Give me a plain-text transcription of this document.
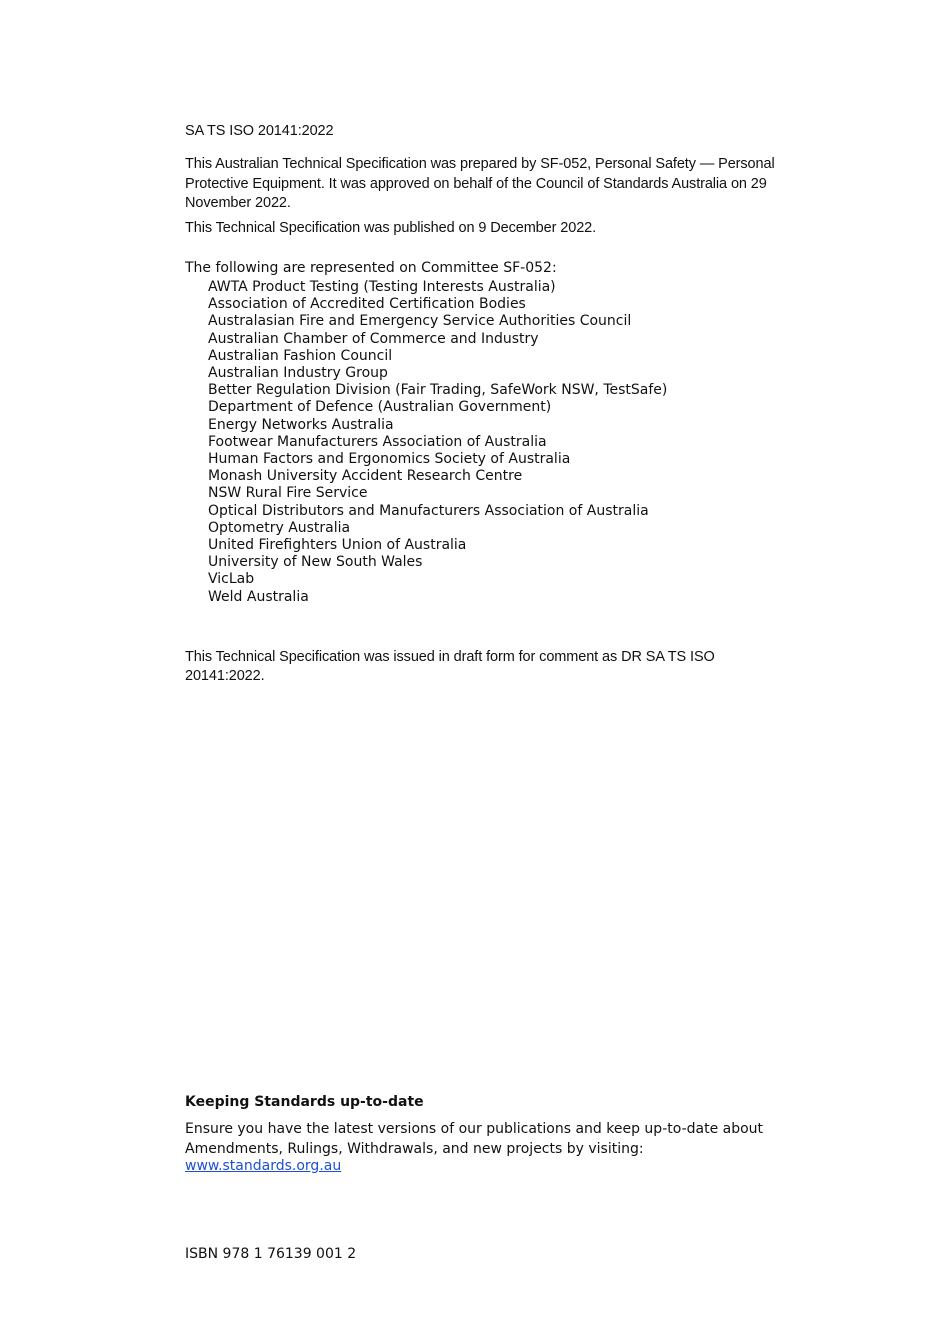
SA TS ISO 20141:2022

This Australian Technical Specification was prepared by SF-052, Personal Safety — Personal Protective Equipment. It was approved on behalf of the Council of Standards Australia on 29 November 2022.

This Technical Specification was published on 9 December 2022.

The following are represented on Committee SF-052:

AWTA Product Testing (Testing Interests Australia)
Association of Accredited Certification Bodies
Australasian Fire and Emergency Service Authorities Council
Australian Chamber of Commerce and Industry
Australian Fashion Council
Australian Industry Group
Better Regulation Division (Fair Trading, SafeWork NSW, TestSafe)
Department of Defence (Australian Government)
Energy Networks Australia
Footwear Manufacturers Association of Australia
Human Factors and Ergonomics Society of Australia
Monash University Accident Research Centre
NSW Rural Fire Service
Optical Distributors and Manufacturers Association of Australia
Optometry Australia
United Firefighters Union of Australia
University of New South Wales
VicLab
Weld Australia

This Technical Specification was issued in draft form for comment as DR SA TS ISO 20141:2022.

Keeping Standards up-to-date

Ensure you have the latest versions of our publications and keep up-to-date about Amendments, Rulings, Withdrawals, and new projects by visiting:

www.standards.org.au

ISBN 978 1 76139 001 2
